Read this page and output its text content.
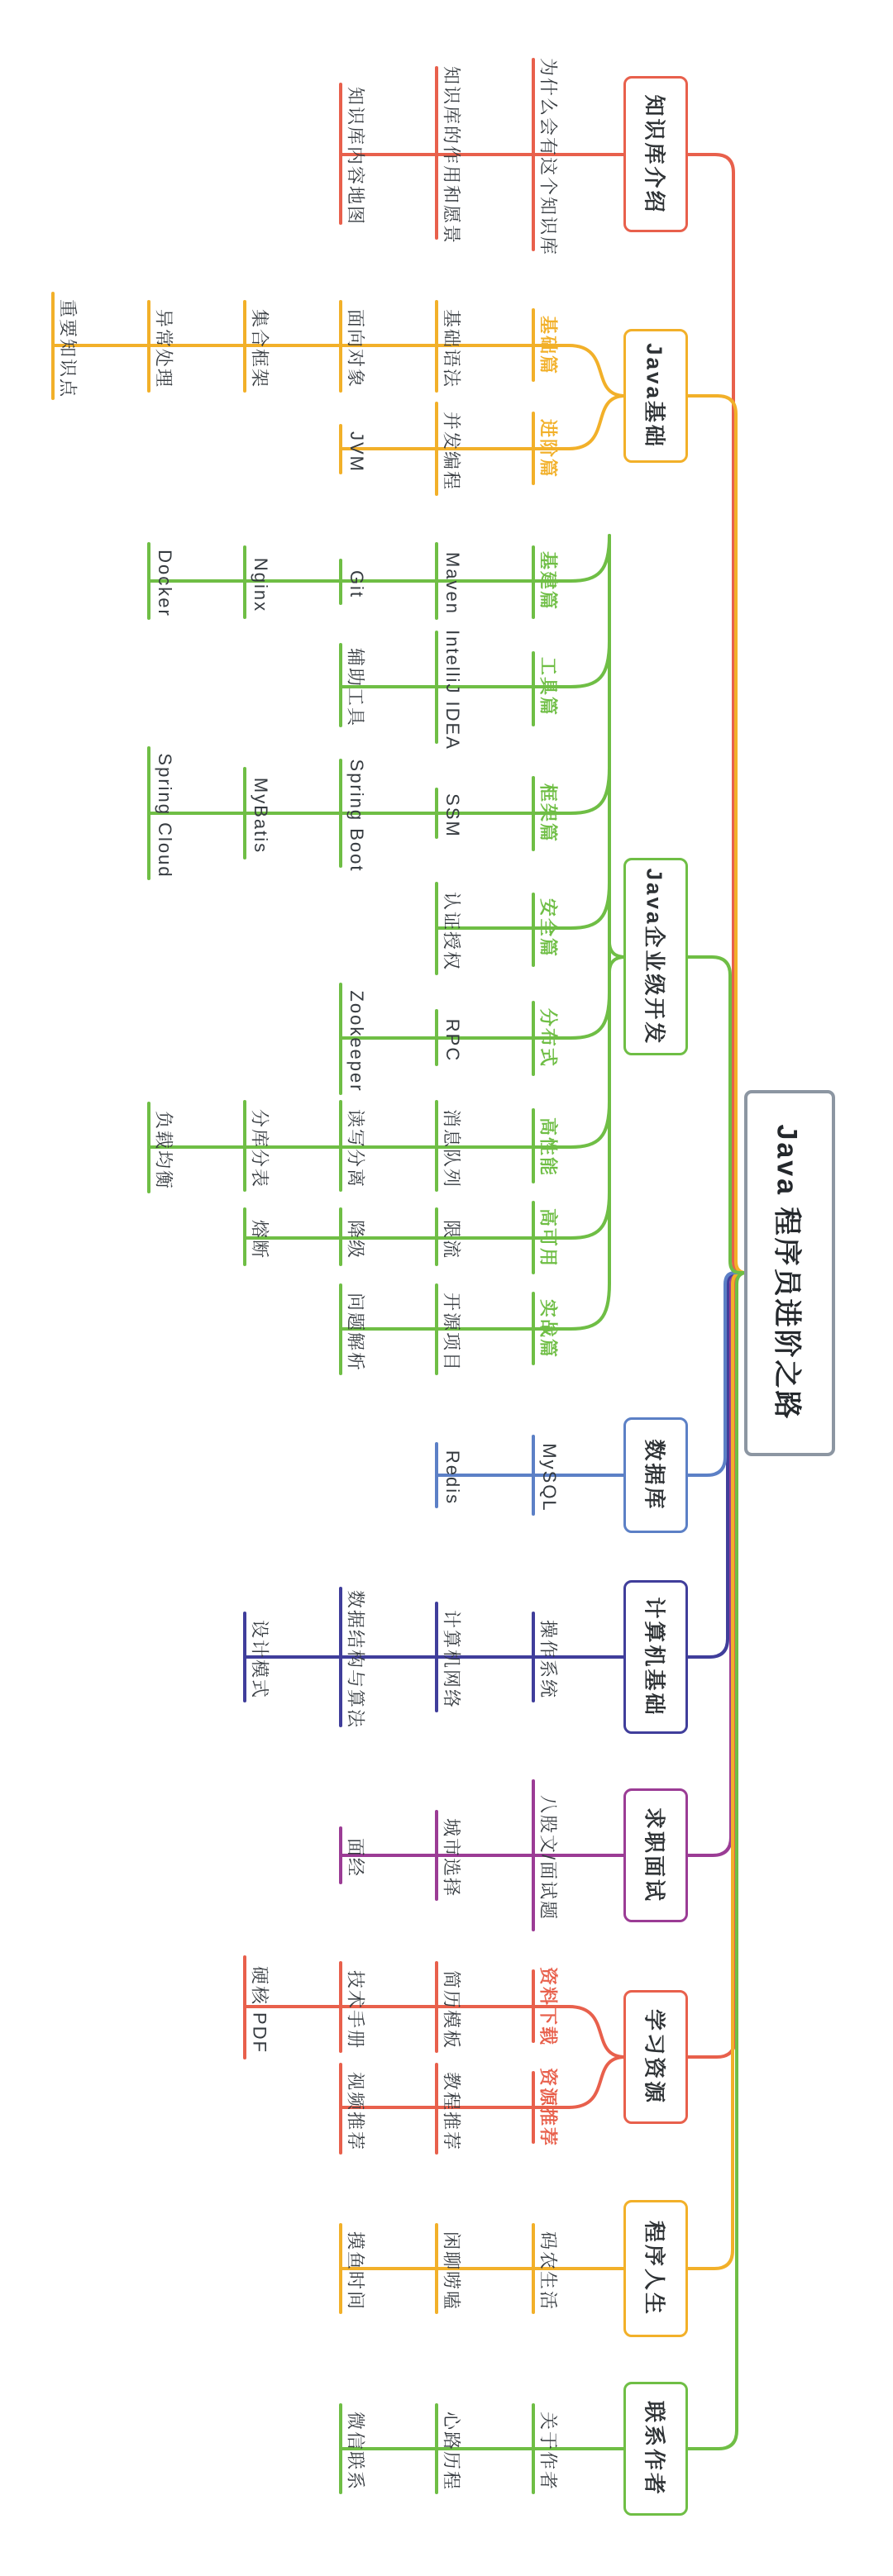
为什么会有这个知识库
知识库的作用和愿景
知识库内容地图	知识库介绍
基础篇
基础语法
面向对象
集合框架
异常处理
重要知识点
进阶篇
并发编程
JVM
Java基础
基建篇
Maven
Git
Nginx
Docker
工具篇
IntelliJ IDEA
辅助工具
框架篇
SSM
Spring Boot
MyBatis
Spring Cloud
安全篇
认证授权
分布式
RPC
Zookeeper
高性能
消息队列
读写分离
分库分表
负载均衡
高可用
限流
降级
熔断
实战篇
开源项目
问题解析
Java企业级开发
MySQL
Redis	数据库
操作系统
计算机网络
数据结构与算法
设计模式	计算机基础
八股文/面试题
城市选择
面经	求职面试
资料下载
简历模板
技术手册
硬核 PDF
资源推荐
教程推荐
视频推荐
学习资源
码农生活
闲聊唠嗑
摸鱼时间	程序人生
关于作者
心路历程
微信联系	联系作者
Java 程序员进阶之路
